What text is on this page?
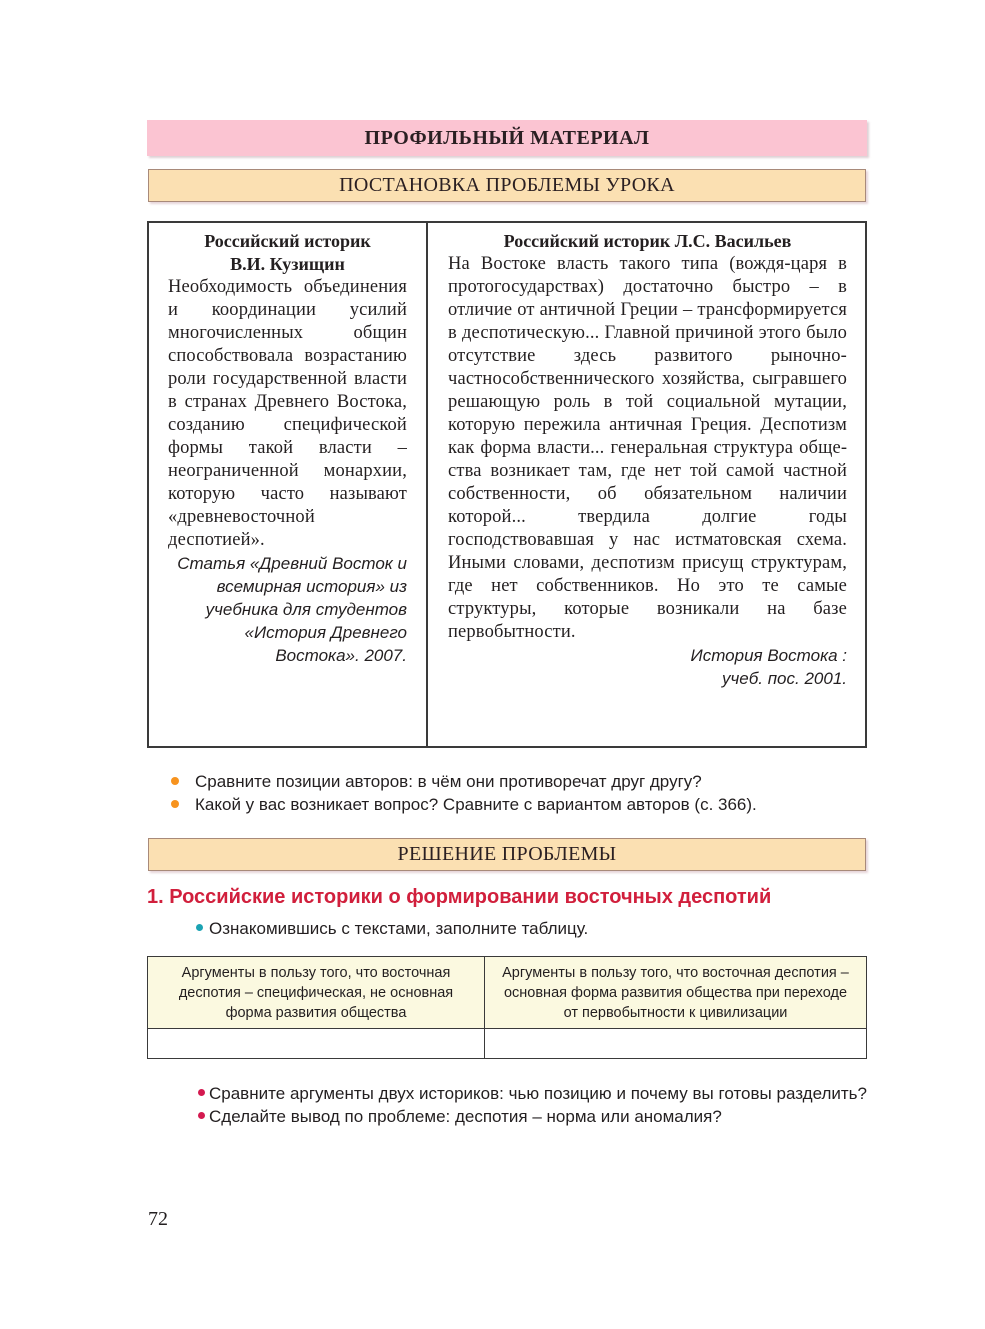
ПРОФИЛЬНЫЙ МАТЕРИАЛ
ПОСТАНОВКА ПРОБЛЕМЫ УРОКА
Российский историк
В.И. Кузищин
Необходимость объединения и координации усилий многочисленных общин способствовала возрастанию роли государственной власти в странах Древнего Востока, созданию специфической формы такой власти – неограниченной монархии, которую часто называют «древневосточной деспотией».
Статья «Древний Восток и всемирная история» из учебника для студентов «История Древнего Востока». 2007.
Российский историк Л.С. Васильев
На Востоке власть такого типа (вождя-царя в протогосударствах) достаточно быстро – в отличие от античной Греции – трансформируется в деспотическую... Главной причиной этого было отсутствие здесь развитого рыночно-частнособственнического хозяйства, сыгравшего решающую роль в той социальной мутации, которую пережила античная Греция. Деспотизм как форма власти... генеральная структура общества возникает там, где нет той самой частной собственности, об обязательном наличии которой... твердила долгие годы господствовавшая у нас истматовская схема. Иными словами, деспотизм присущ структурам, где нет собственников. Но это те самые структуры, которые возникали на базе первобытности.
История Востока :
учеб. пос. 2001.
Сравните позиции авторов: в чём они противоречат друг другу?
Какой у вас возникает вопрос? Сравните с вариантом авторов (с. 366).
РЕШЕНИЕ ПРОБЛЕМЫ
1. Российские историки о формировании восточных деспотий
Ознакомившись с текстами, заполните таблицу.
Аргументы в пользу того, что восточная деспотия – специфическая, не основная форма развития общества	Аргументы в пользу того, что восточная деспотия – основная форма развития общества при переходе от первобытности к цивилизации

Сравните аргументы двух историков: чью позицию и почему вы готовы разделить? Сделайте вывод по проблеме: деспотия – норма или аномалия?
72
